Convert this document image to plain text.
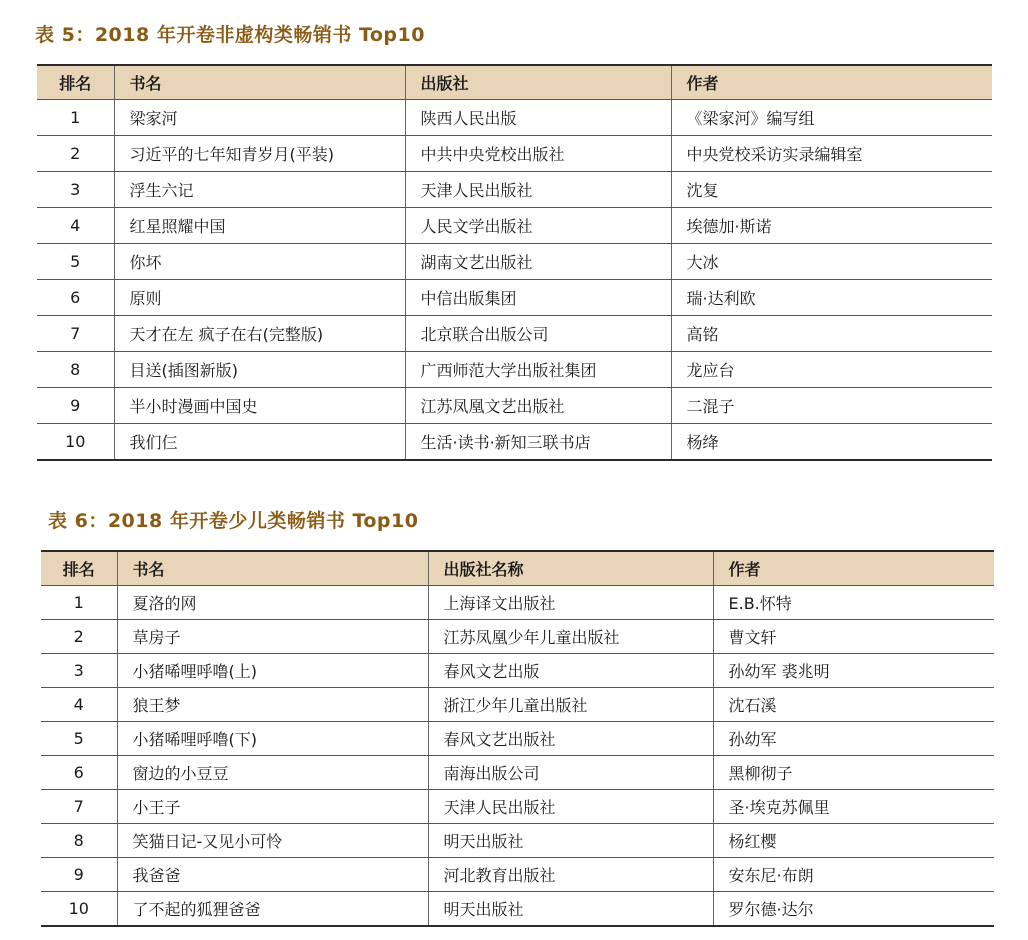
表 5：2018 年开卷非虚构类畅销书 Top10
排名	书名	出版社	作者
1	梁家河	陕西人民出版	《梁家河》编写组
2	习近平的七年知青岁月(平装)	中共中央党校出版社	中央党校采访实录编辑室
3	浮生六记	天津人民出版社	沈复
4	红星照耀中国	人民文学出版社	埃德加·斯诺
5	你坏	湖南文艺出版社	大冰
6	原则	中信出版集团	瑞·达利欧
7	天才在左 疯子在右(完整版)	北京联合出版公司	高铭
8	目送(插图新版)	广西师范大学出版社集团	龙应台
9	半小时漫画中国史	江苏凤凰文艺出版社	二混子
10	我们仨	生活·读书·新知三联书店	杨绛
表 6：2018 年开卷少儿类畅销书 Top10
排名	书名	出版社名称	作者
1	夏洛的网	上海译文出版社	E.B.怀特
2	草房子	江苏凤凰少年儿童出版社	曹文轩
3	小猪唏哩呼噜(上)	春风文艺出版	孙幼军 裘兆明
4	狼王梦	浙江少年儿童出版社	沈石溪
5	小猪唏哩呼噜(下)	春风文艺出版社	孙幼军
6	窗边的小豆豆	南海出版公司	黑柳彻子
7	小王子	天津人民出版社	圣·埃克苏佩里
8	笑猫日记-又见小可怜	明天出版社	杨红樱
9	我爸爸	河北教育出版社	安东尼·布朗
10	了不起的狐狸爸爸	明天出版社	罗尔德·达尔
